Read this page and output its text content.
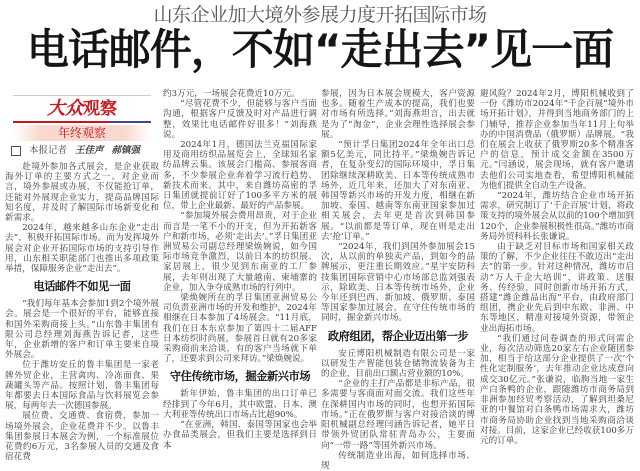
山东企业加大境外参展力度开拓国际市场
电话邮件，不如“走出去”见一面
大众观察
年终观察
本报记者 王佳声 郝镇强

赴境外参加各式展会，是企业获取海外订单的主要方式之一。对企业而言，境外参展或办展，不仅能抢订单，还能对外展现企业实力，提高品牌国际知名度，并及时了解国际市场新变化和新需求。

2024年，越来越多山东企业“走出去”，积极开拓国际市场。而为发挥境外展会对企业开拓国际市场的支持引导作用，山东相关职能部门也推出多项政策举措，保障服务企业“走出去”。

电话邮件不如见一面

“我们每年基本会参加1到2个境外展会。展会是一个很好的平台，能够直接和国外采购商接上头。”山东鲁丰集团有限公司总经理刘海燕告诉记者，这些年，企业新增的客户和订单主要来自境外展会。

位于潍坊安丘的鲁丰集团是一家老牌外贸企业，主营禽肉、冷冻面食、果蔬罐头等产品。按照计划，鲁丰集团每年都要去日本国际食品与饮料展览会参展，每两年去一次德国参展。

展位费、交通费、食宿费，参加一场境外展会，企业花费并不少。以鲁丰集团参展日本展会为例，一个标准展位花费约6万元，3名参展人员的交通及食宿花费

约3万元，一场展会花费近10万元。

“尽管花费不少，但能够与客户当面沟通，根据客户反馈及时对产品进行调整，效果比电话邮件好很多！”刘海燕说。

2024年1月，德国法兰克福国际家用及商用纺织品展览会上，全球知名家纺品牌云集。该展会门槛高、参展客商多，不少参展企业奔着学习流行趋势、新技术而来。其中，来自潍坊高密的孚日集团就提前订好了100多平方米的展位，带上企业最新、最好的产品参展。

“参加境外展会费用昂贵，对于企业而言是一笔不小的开支，但为开拓新客户和新市场，必须‘走出去’。”孚日集团亚洲贸易公司副总经理梁焕婉说，如今国际市场竞争激烈，以前日本的纺织展、家居展上，很少见到东南亚的工厂参展，去年则出现了大量越南、柬埔寨的企业，加入争夺成熟市场的行列中。

梁焕婉所在的孚日集团亚洲贸易公司负责亚洲市场的开发和维护，2024年相继在日本参加了4场展会。“11月底，我们在日本东京参加了第四十二届AFF日本纺织时尚展，参展首日就有20多家采购商前来洽谈，有的客户当场就下单了，还要求到公司来拜访。”梁焕婉说。

守住传统市场，掘金新兴市场

新年伊始，鲁丰集团的出口订单已经排到了今年6月，其中欧盟、日本、澳大利亚等传统出口市场占比超90%。

“在亚洲，韩国、泰国等国家也会举办食品类展会，但我们主要是选择到日本

参展，因为日本展会规模大，客户资源也多。随着生产成本的提高，我们也要对市场有所选择。”刘海燕坦言，出去就是为了“淘金”，企业会理性选择展会参展。

“预计孚日集团2024年全年出口总额5亿美元，同比持平。”梁焕婉告诉记者，在复杂变幻的国际环境中，孚日集团除继续深耕欧美、日本等传统成熟市场外，近几年来，还加大了对东南亚、韩国等新兴市场的开发力度，相继在新加坡、泰国、越南等东南亚国家参加过相关展会，去年更是首次到韩国参展。“以前都是等订单，现在则是走出去‘抢’订单。”

“2024年，我们到国外参加展会15次，从以前的单独卖产品，到如今的品牌展示，更注重长期效应。”星宇安防科技集团国际营销中心市场部总监刘强表示，除欧美、日本等传统市场外，企业今年还到巴西、新加坡、俄罗斯、泰国等国家参加过展会，在守住传统市场的同时，掘金新兴市场。

政府组团，帮企业迈出第一步

安丘博阳机械制造有限公司是一家以研发生产智能包装仓储物流装备为主的企业，目前出口额占营业额的10%。

“企业的主打产品都是非标产品，很多需要与客商面对面交流。我们这些年在深耕国内市场的同时，也想开拓国际市场。”正在俄罗斯与客户对接洽谈的博阳机械副总经理闫涵告诉记者，她平日带领外贸团队常驻青岛办公，主要面向“一带一路”等国外新兴市场。

传统制造业出海，如何选择市场、规

避风险？2024年2月，博阳机械收到了一份《潍坊市2024年“千企百展”境外市场开拓计划》，并得到当地商务部门的上门辅导，推荐企业参加当年11月上旬举办的中国消费品（俄罗斯）品牌展。“我们在展会上收获了俄罗斯20多个精准客户的信息，预计成交金额在3500万元。”闫涵说，展会现场，就有客户邀请去他们公司实地查看，希望博阳机械能为他们提供全自动生产设备。

“2024年，潍坊结合企业市场开拓需求，研究制订了‘千企百展’计划，将政策支持的境外展会从以前的100个增加到120个，企业参展积极性很高。”潍坊市商务局外贸科科长张谦说。

由于缺乏对目标市场和国家相关政策的了解，不少企业往往不敢迈出“走出去”的第一步。针对这种情况，潍坊市启动“万人千企大培训”，讲政策、送服务、传经验，同时创新市场开拓方式，搭建“潍企潍品出海”平台，由政府部门组团，携企业先后到中东欧、非洲、中东等地区，精准对接境外资源，带领企业出海拓市场。

“我们通过问卷调查的形式问需企业，每次活动筛选20家左右企业随团参加，相当于给这部分企业提供了一次‘个性化定制服务’，去年推动企业达成意向成交30亿元。”张谦说，临朐当地一家生产白条鸭的企业，跟随潍坊市商务局到非洲参加经贸考察活动，了解到坦桑尼亚的中餐馆对白条鸭市场需求大，潍坊市商务局协助企业找到当地采购商洽谈对接。目前，这家企业已经收获100多万元的订单。
